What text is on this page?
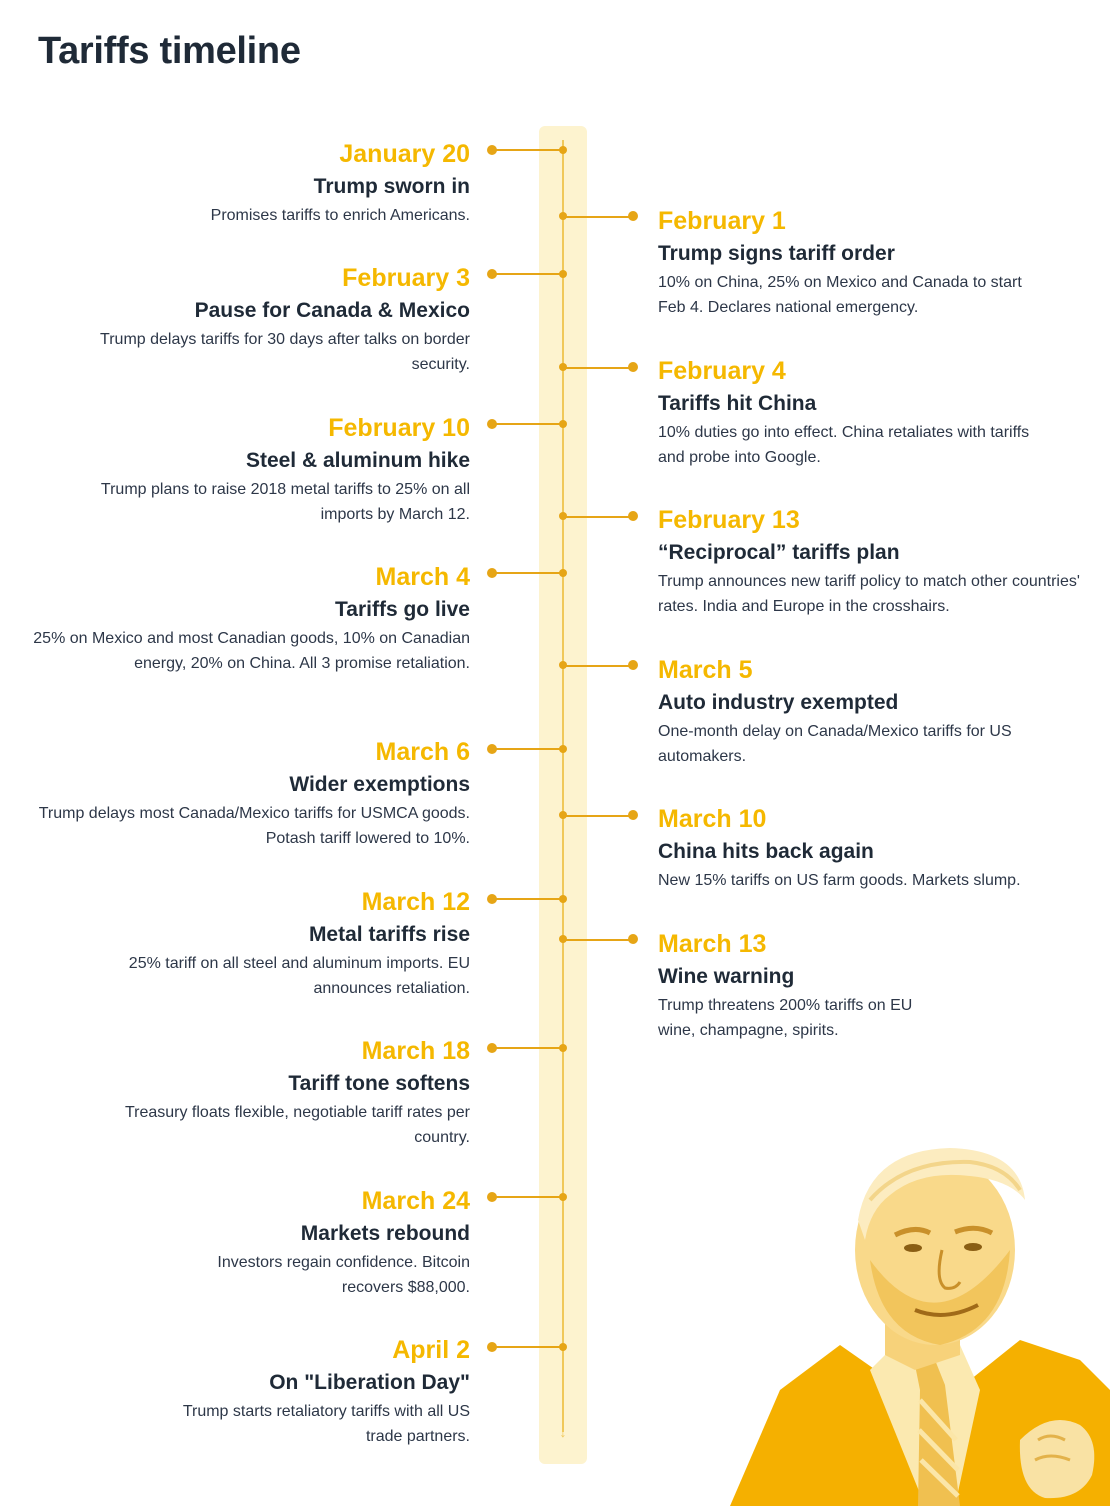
Tariffs timeline
↓
January 20
Trump sworn in
Promises tariffs to enrich Americans.
February 3
Pause for Canada & Mexico
Trump delays tariffs for 30 days after talks on border security.
February 10
Steel & aluminum hike
Trump plans to raise 2018 metal tariffs to 25% on all imports by March 12.
March 4
Tariffs go live
25% on Mexico and most Canadian goods, 10% on Canadian energy, 20% on China. All 3 promise retaliation.
March 6
Wider exemptions
Trump delays most Canada/Mexico tariffs for USMCA goods. Potash tariff lowered to 10%.
March 12
Metal tariffs rise
25% tariff on all steel and aluminum imports. EU announces retaliation.
March 18
Tariff tone softens
Treasury floats flexible, negotiable tariff rates per country.
March 24
Markets rebound
Investors regain confidence. Bitcoin recovers $88,000.
April 2
On "Liberation Day"
Trump starts retaliatory tariffs with all US trade partners.
February 1
Trump signs tariff order
10% on China, 25% on Mexico and Canada to start Feb 4. Declares national emergency.
February 4
Tariffs hit China
10% duties go into effect. China retaliates with tariffs and probe into Google.
February 13
“Reciprocal” tariffs plan
Trump announces new tariff policy to match other countries' rates. India and Europe in the crosshairs.
March 5
Auto industry exempted
One-month delay on Canada/Mexico tariffs for US automakers.
March 10
China hits back again
New 15% tariffs on US farm goods. Markets slump.
March 13
Wine warning
Trump threatens 200% tariffs on EU wine, champagne, spirits.
